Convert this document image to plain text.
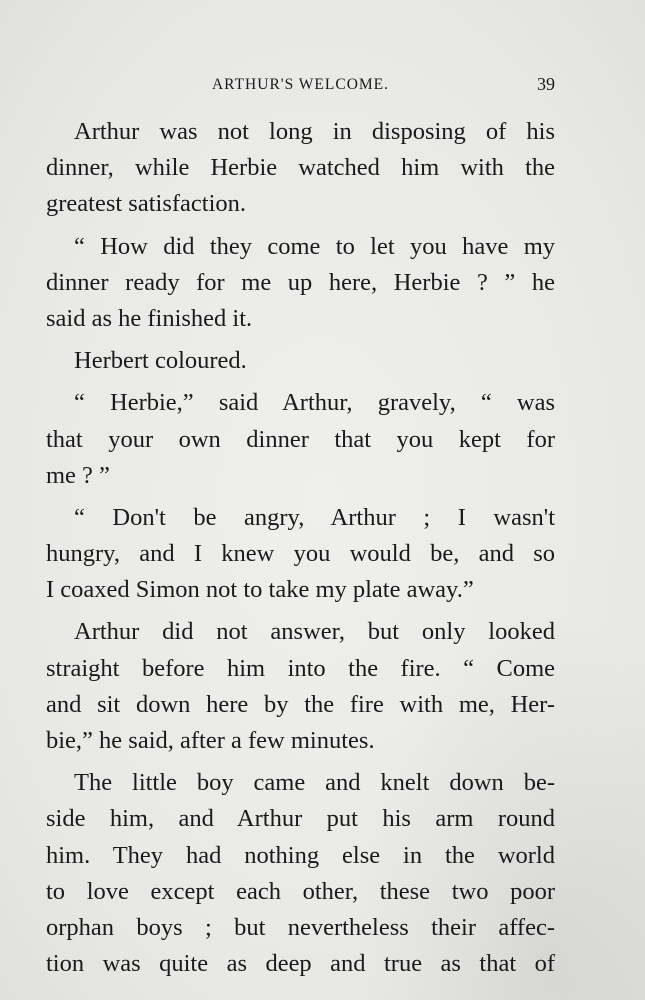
ARTHUR'S WELCOME.	39
Arthur was not long in disposing of his
dinner, while Herbie watched him with the
greatest satisfaction.
“ How did they come to let you have my
dinner ready for me up here, Herbie ? ” he
said as he finished it.
Herbert coloured.
“ Herbie,” said Arthur, gravely, “ was
that your own dinner that you kept for
me ? ”
“ Don't be angry, Arthur ; I wasn't
hungry, and I knew you would be, and so
I coaxed Simon not to take my plate away.”
Arthur did not answer, but only looked
straight before him into the fire. “ Come
and sit down here by the fire with me, Her-
bie,” he said, after a few minutes.
The little boy came and knelt down be-
side him, and Arthur put his arm round
him. They had nothing else in the world
to love except each other, these two poor
orphan boys ; but nevertheless their affec-
tion was quite as deep and true as that of
